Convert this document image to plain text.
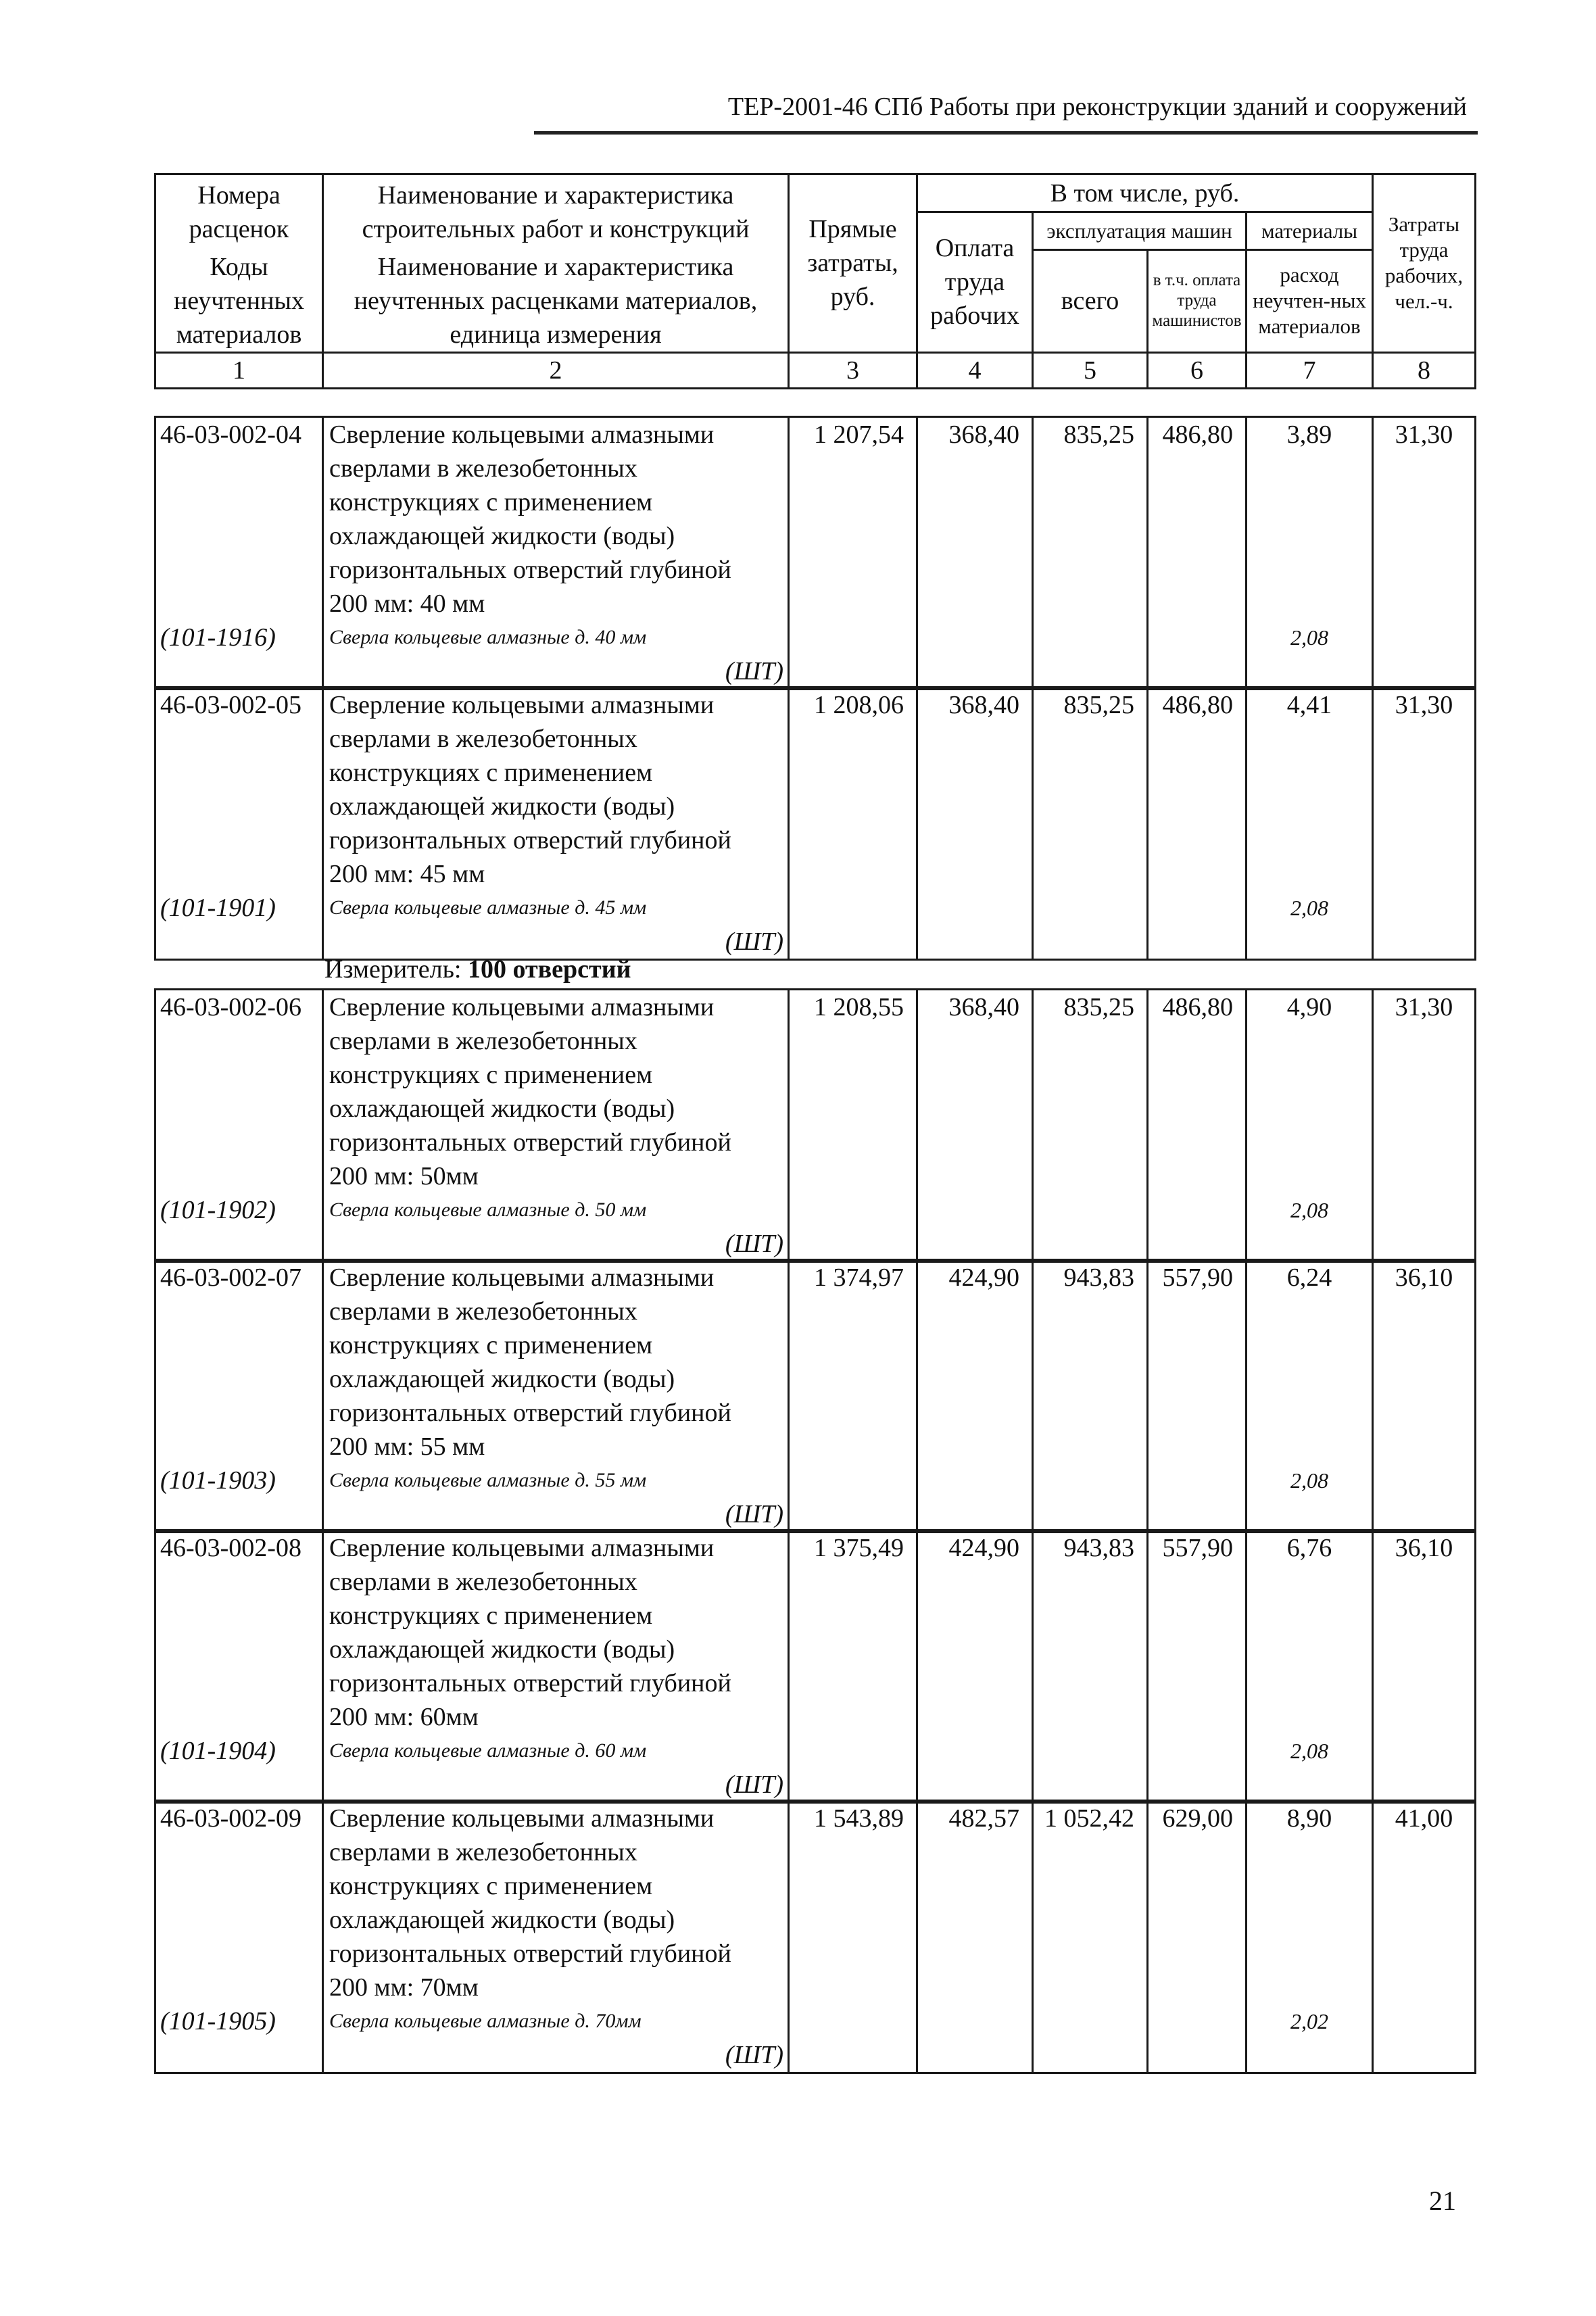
ТЕР-2001-46 СПб Работы при реконструкции зданий и сооружений
Номера расценок	Наименование и характеристика строительных работ и конструкций	Прямые затраты, руб.	В том числе, руб.				Затраты труда рабочих, чел.-ч.
			Оплата труда рабочих	эксплуатация машин		материалы	
Коды неучтенных материалов	Наименование и характеристика неучтенных расценками материалов, единица измерения			всего	в т.ч. оплата труда машинистов	расход неучтен-ных материалов	

1	2	3	4	5	6	7	8
Измеритель: 100 отверстий
46-03-002-04	Сверление кольцевыми алмазными	1 207,54	368,40	835,25	486,80	3,89	31,30
	сверлами в железобетонных						
	конструкциях с применением						
	охлаждающей жидкости (воды)						
	горизонтальных отверстий глубиной						
	200 мм: 40 мм						
(101-1916)	Сверла кольцевые алмазные д. 40 мм					2,08	
	(ШТ)						
46-03-002-05	Сверление кольцевыми алмазными	1 208,06	368,40	835,25	486,80	4,41	31,30
	сверлами в железобетонных						
	конструкциях с применением						
	охлаждающей жидкости (воды)						
	горизонтальных отверстий глубиной						
	200 мм: 45 мм						
(101-1901)	Сверла кольцевые алмазные д. 45 мм					2,08	
	(ШТ)						
46-03-002-06	Сверление кольцевыми алмазными	1 208,55	368,40	835,25	486,80	4,90	31,30
	сверлами в железобетонных						
	конструкциях с применением						
	охлаждающей жидкости (воды)						
	горизонтальных отверстий глубиной						
	200 мм: 50мм						
(101-1902)	Сверла кольцевые алмазные д. 50 мм					2,08	
	(ШТ)						
46-03-002-07	Сверление кольцевыми алмазными	1 374,97	424,90	943,83	557,90	6,24	36,10
	сверлами в железобетонных						
	конструкциях с применением						
	охлаждающей жидкости (воды)						
	горизонтальных отверстий глубиной						
	200 мм: 55 мм						
(101-1903)	Сверла кольцевые алмазные д. 55 мм					2,08	
	(ШТ)						
46-03-002-08	Сверление кольцевыми алмазными	1 375,49	424,90	943,83	557,90	6,76	36,10
	сверлами в железобетонных						
	конструкциях с применением						
	охлаждающей жидкости (воды)						
	горизонтальных отверстий глубиной						
	200 мм: 60мм						
(101-1904)	Сверла кольцевые алмазные д. 60 мм					2,08	
	(ШТ)						
46-03-002-09	Сверление кольцевыми алмазными	1 543,89	482,57	1 052,42	629,00	8,90	41,00
	сверлами в железобетонных						
	конструкциях с применением						
	охлаждающей жидкости (воды)						
	горизонтальных отверстий глубиной						
	200 мм: 70мм						
(101-1905)	Сверла кольцевые алмазные д. 70мм					2,02	
	(ШТ)						
21
